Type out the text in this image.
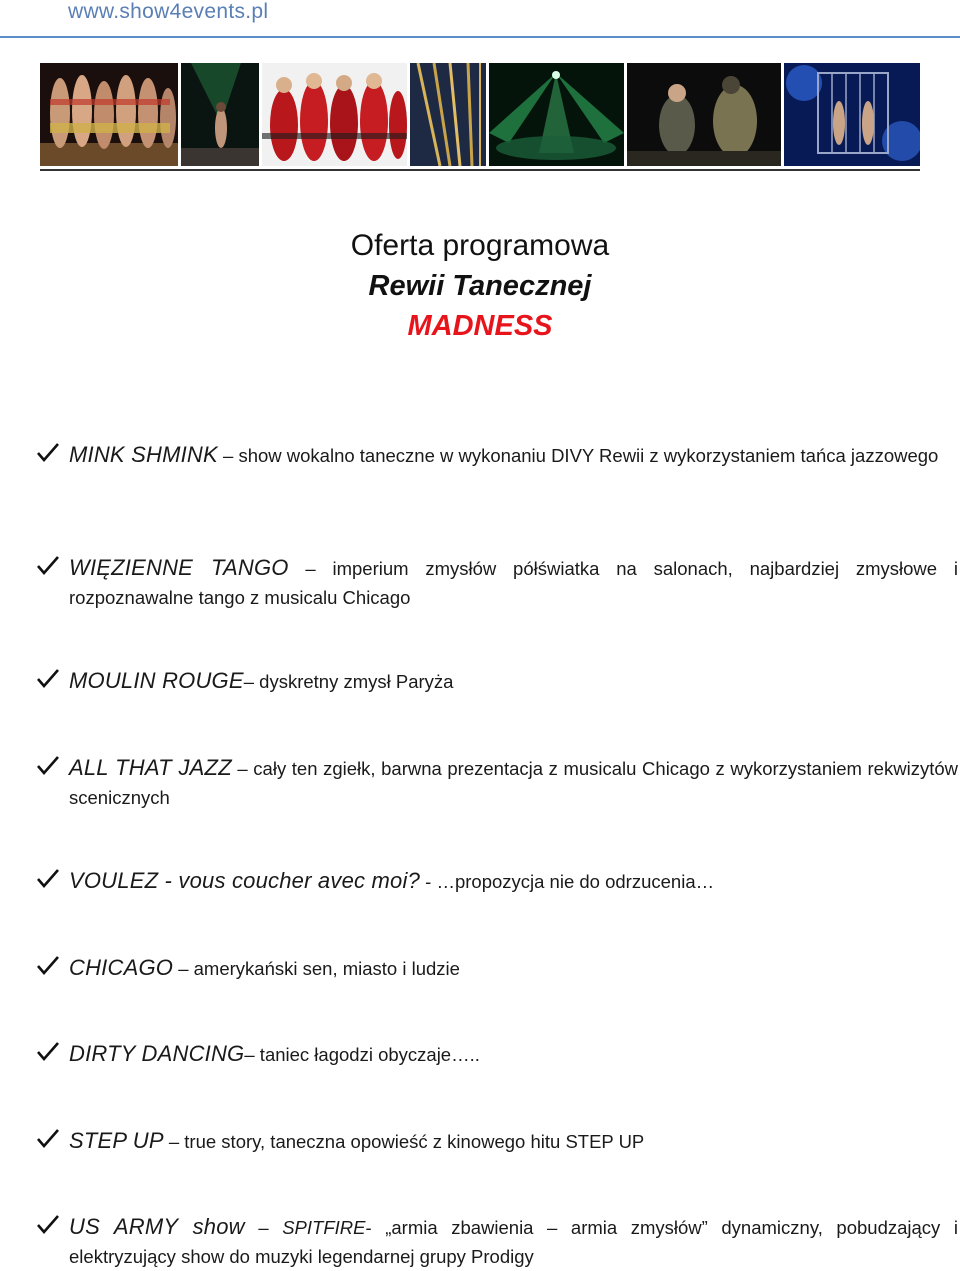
www.show4events.pl
Oferta programowa
Rewii Tanecznej
MADNESS
MINK SHMINK – show wokalno taneczne w wykonaniu DIVY Rewii z wykorzystaniem tańca jazzowego
WIĘZIENNE TANGO – imperium zmysłów półświatka na salonach, najbardziej zmysłowe i rozpoznawalne tango z musicalu Chicago
MOULIN ROUGE– dyskretny zmysł Paryża
ALL THAT JAZZ – cały ten zgiełk, barwna prezentacja z musicalu Chicago z wykorzystaniem rekwizytów scenicznych
VOULEZ - vous coucher avec moi? - …propozycja nie do odrzucenia…
CHICAGO – amerykański sen, miasto i ludzie
DIRTY DANCING– taniec łagodzi obyczaje…..
STEP UP – true story, taneczna opowieść z kinowego hitu STEP UP
US ARMY show – SPITFIRE- „armia zbawienia – armia zmysłów” dynamiczny, pobudzający i elektryzujący show do muzyki legendarnej grupy Prodigy
